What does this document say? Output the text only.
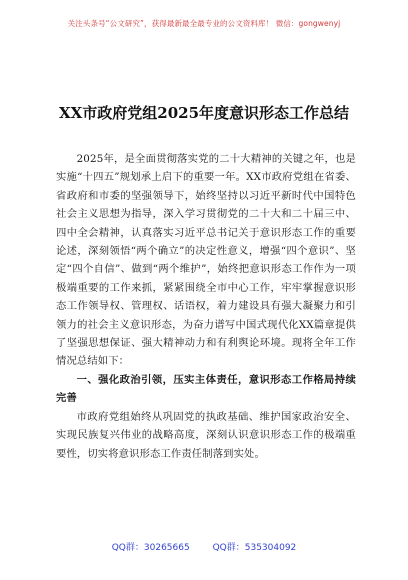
关注头条号“公文研究”，获得最新最全最专业的公文资料库！ 微信：gongwenyj
XX市政府党组2025年度意识形态工作总结

2025年，是全面贯彻落实党的二十大精神的关键之年，也是实施“十四五”规划承上启下的重要一年。XX市政府党组在省委、省政府和市委的坚强领导下，始终坚持以习近平新时代中国特色社会主义思想为指导，深入学习贯彻党的二十大和二十届三中、四中全会精神，认真落实习近平总书记关于意识形态工作的重要论述，深刻领悟“两个确立”的决定性意义，增强“四个意识”、坚定“四个自信”、做到“两个维护”，始终把意识形态工作作为一项极端重要的工作来抓，紧紧围绕全市中心工作，牢牢掌握意识形态工作领导权、管理权、话语权，着力建设具有强大凝聚力和引领力的社会主义意识形态，为奋力谱写中国式现代化XX篇章提供了坚强思想保证、强大精神动力和有利舆论环境。现将全年工作情况总结如下：

一、强化政治引领，压实主体责任，意识形态工作格局持续完善

市政府党组始终从巩固党的执政基础、维护国家政治安全、实现民族复兴伟业的战略高度，深刻认识意识形态工作的极端重要性，切实将意识形态工作责任制落到实处。

QQ群：30265665	QQ群：535304092
